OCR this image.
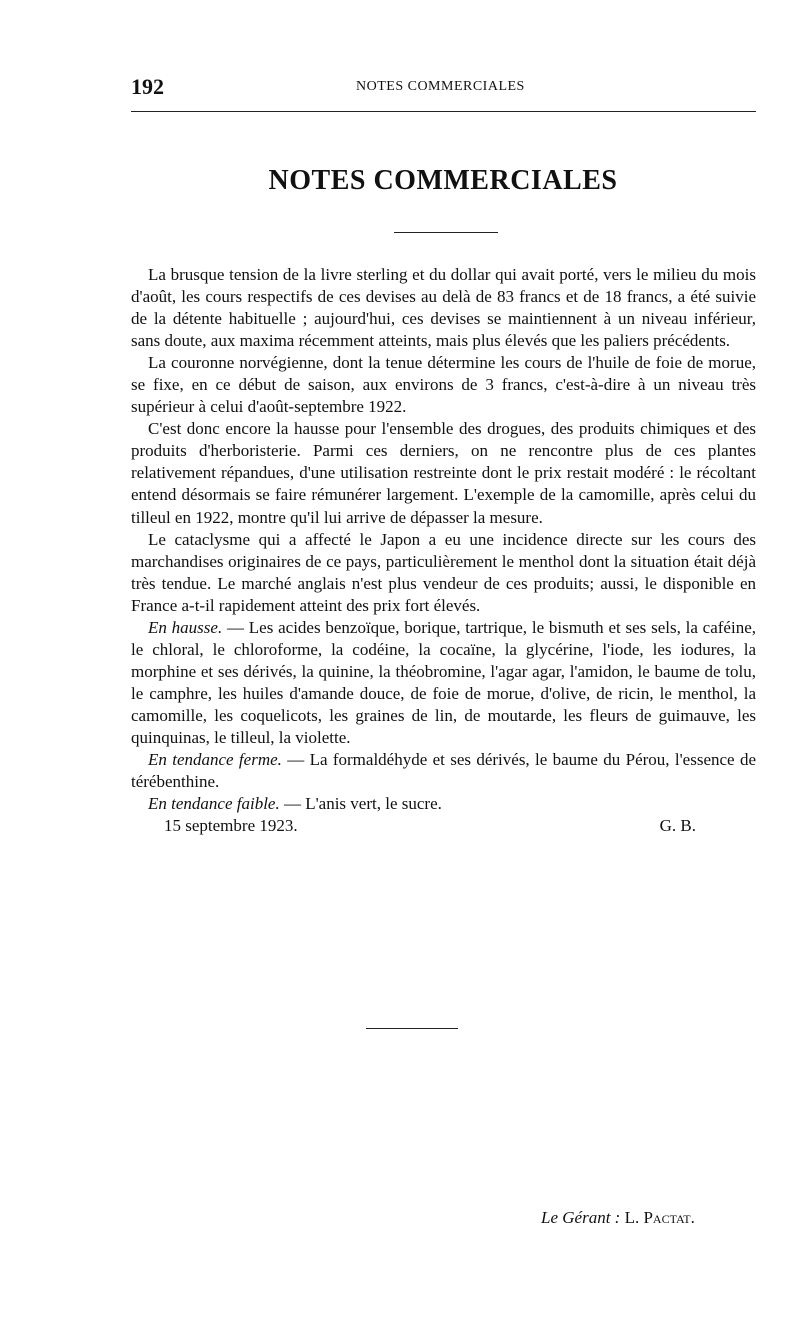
192	NOTES COMMERCIALES
NOTES COMMERCIALES

La brusque tension de la livre sterling et du dollar qui avait porté, vers le milieu du mois d'août, les cours respectifs de ces devises au delà de 83 francs et de 18 francs, a été suivie de la détente habituelle ; aujourd'hui, ces devises se maintiennent à un niveau inférieur, sans doute, aux maxima récemment atteints, mais plus élevés que les paliers précédents.

La couronne norvégienne, dont la tenue détermine les cours de l'huile de foie de morue, se fixe, en ce début de saison, aux environs de 3 francs, c'est-à-dire à un niveau très supérieur à celui d'août-septembre 1922.

C'est donc encore la hausse pour l'ensemble des drogues, des produits chimiques et des produits d'herboristerie. Parmi ces derniers, on ne rencontre plus de ces plantes relativement répandues, d'une utilisation restreinte dont le prix restait modéré : le récoltant entend désormais se faire rémunérer largement. L'exemple de la camomille, après celui du tilleul en 1922, montre qu'il lui arrive de dépasser la mesure.

Le cataclysme qui a affecté le Japon a eu une incidence directe sur les cours des marchandises originaires de ce pays, particulièrement le menthol dont la situation était déjà très tendue. Le marché anglais n'est plus vendeur de ces produits; aussi, le disponible en France a-t-il rapidement atteint des prix fort élevés.

En hausse. — Les acides benzoïque, borique, tartrique, le bismuth et ses sels, la caféine, le chloral, le chloroforme, la codéine, la cocaïne, la glycérine, l'iode, les iodures, la morphine et ses dérivés, la quinine, la théobromine, l'agar agar, l'amidon, le baume de tolu, le camphre, les huiles d'amande douce, de foie de morue, d'olive, de ricin, le menthol, la camomille, les coquelicots, les graines de lin, de moutarde, les fleurs de guimauve, les quinquinas, le tilleul, la violette.

En tendance ferme. — La formaldéhyde et ses dérivés, le baume du Pérou, l'essence de térébenthine.

En tendance faible. — L'anis vert, le sucre.

15 septembre 1923.	G. B.
Le Gérant : L. Pactat.
